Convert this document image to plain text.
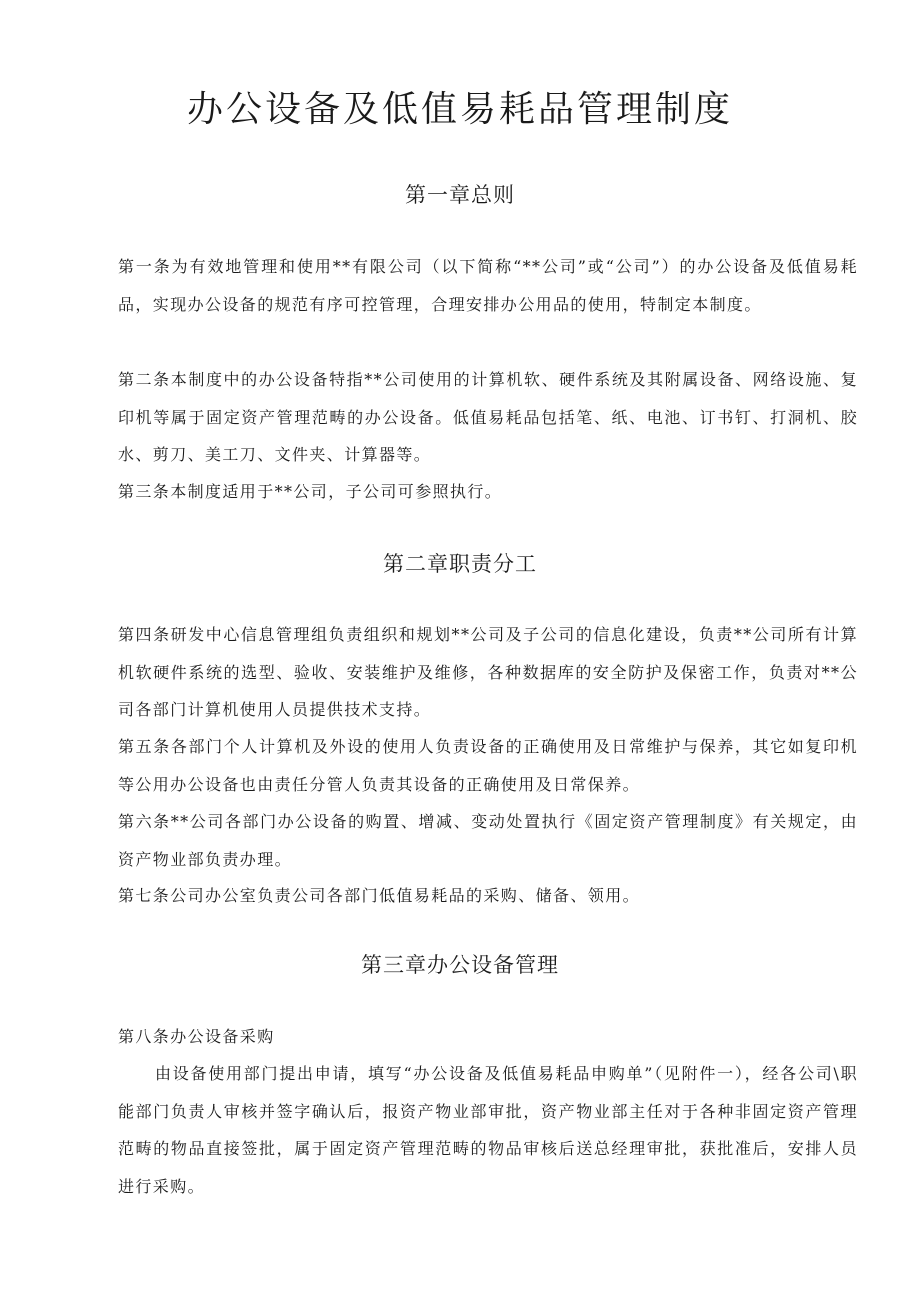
办公设备及低值易耗品管理制度
第一章总则

第一条为有效地管理和使用**有限公司（以下简称“**公司”或“公司”）的办公设备及低值易耗品，实现办公设备的规范有序可控管理，合理安排办公用品的使用，特制定本制度。

第二条本制度中的办公设备特指**公司使用的计算机软、硬件系统及其附属设备、网络设施、复印机等属于固定资产管理范畴的办公设备。低值易耗品包括笔、纸、电池、订书钉、打洞机、胶水、剪刀、美工刀、文件夹、计算器等。

第三条本制度适用于**公司，子公司可参照执行。

第二章职责分工

第四条研发中心信息管理组负责组织和规划**公司及子公司的信息化建设，负责**公司所有计算机软硬件系统的选型、验收、安装维护及维修，各种数据库的安全防护及保密工作，负责对**公司各部门计算机使用人员提供技术支持。

第五条各部门个人计算机及外设的使用人负责设备的正确使用及日常维护与保养，其它如复印机等公用办公设备也由责任分管人负责其设备的正确使用及日常保养。

第六条**公司各部门办公设备的购置、增减、变动处置执行《固定资产管理制度》有关规定，由资产物业部负责办理。

第七条公司办公室负责公司各部门低值易耗品的采购、储备、领用。

第三章办公设备管理

第八条办公设备采购

由设备使用部门提出申请，填写“办公设备及低值易耗品申购单”（见附件一），经各公司\职能部门负责人审核并签字确认后，报资产物业部审批，资产物业部主任对于各种非固定资产管理范畴的物品直接签批，属于固定资产管理范畴的物品审核后送总经理审批，获批准后，安排人员进行采购。
